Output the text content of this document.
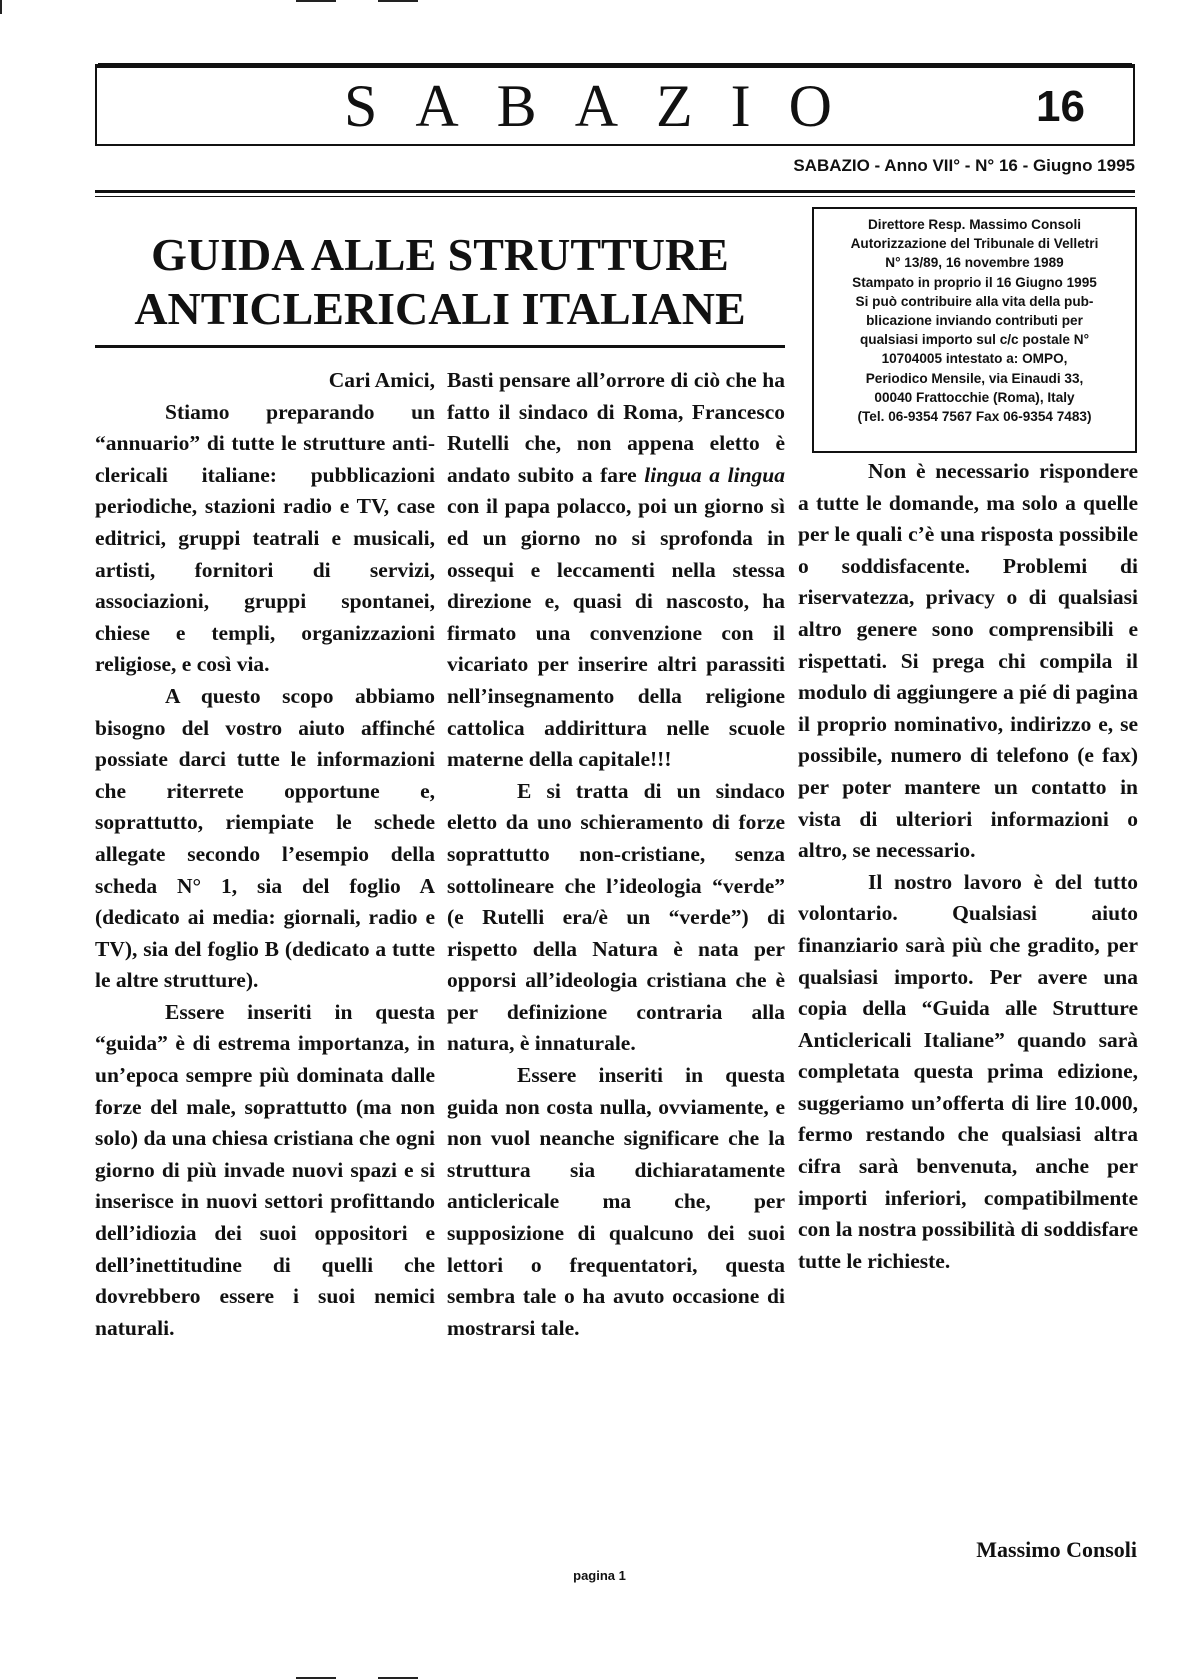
SABAZIO	16
SABAZIO - Anno VII° - N° 16 - Giugno 1995
GUIDA ALLE STRUTTURE
ANTICLERICALI ITALIANE
Direttore Resp. Massimo Consoli
Autorizzazione del Tribunale di Velletri
N° 13/89, 16 novembre 1989
Stampato in proprio il 16 Giugno 1995
Si può contribuire alla vita della pub-
blicazione inviando contributi per
qualsiasi importo sul c/c postale N°
10704005 intestato a: OMPO,
Periodico Mensile, via Einaudi 33,
00040 Frattocchie (Roma), Italy
(Tel. 06-9354 7567 Fax 06-9354 7483)

Cari Amici,

Stiamo preparando un “annuario” di tutte le strutture anti-clericali italiane: pubblicazioni periodiche, stazioni radio e TV, case editrici, gruppi teatrali e musicali, artisti, fornitori di servizi, associazioni, gruppi spontanei, chiese e templi, organizzazioni religiose, e così via.

A questo scopo abbiamo bisogno del vostro aiuto affinché possiate darci tutte le informazioni che riterrete opportune e, soprattutto, riempiate le schede allegate secondo l’esempio della scheda N° 1, sia del foglio A (dedicato ai media: giornali, radio e TV), sia del foglio B (dedicato a tutte le altre strutture).

Essere inseriti in questa “guida” è di estrema importanza, in un’epoca sempre più dominata dalle forze del male, soprattutto (ma non solo) da una chiesa cristiana che ogni giorno di più invade nuovi spazi e si inserisce in nuovi settori profittando dell’idiozia dei suoi oppositori e dell’inettitudine di quelli che dovrebbero essere i suoi nemici naturali.

Basti pensare all’orrore di ciò che ha fatto il sindaco di Roma, Francesco Rutelli che, non appena eletto è andato subito a fare lingua a lingua con il papa polacco, poi un giorno sì ed un giorno no si sprofonda in ossequi e leccamenti nella stessa direzione e, quasi di nascosto, ha firmato una convenzione con il vicariato per inserire altri parassiti nell’insegnamento della religione cattolica addirittura nelle scuole materne della capitale!!!

E si tratta di un sindaco eletto da uno schieramento di forze soprattutto non-cristiane, senza sottolineare che l’ideologia “verde” (e Rutelli era/è un “verde”) di rispetto della Natura è nata per opporsi all’ideologia cristiana che è per definizione contraria alla natura, è innaturale.

Essere inseriti in questa guida non costa nulla, ovviamente, e non vuol neanche significare che la struttura sia dichiaratamente anticlericale ma che, per supposizione di qualcuno dei suoi lettori o frequentatori, questa sembra tale o ha avuto occasione di mostrarsi tale.

Non è necessario rispondere a tutte le domande, ma solo a quelle per le quali c’è una risposta possibile o soddisfacente. Problemi di riservatezza, privacy o di qualsiasi altro genere sono comprensibili e rispettati. Si prega chi compila il modulo di aggiungere a pié di pagina il proprio nominativo, indirizzo e, se possibile, numero di telefono (e fax) per poter mantere un contatto in vista di ulteriori informazioni o altro, se necessario.

Il nostro lavoro è del tutto volontario. Qualsiasi aiuto finanziario sarà più che gradito, per qualsiasi importo. Per avere una copia della “Guida alle Strutture Anticlericali Italiane” quando sarà completata questa prima edizione, suggeriamo un’offerta di lire 10.000, fermo restando che qualsiasi altra cifra sarà benvenuta, anche per importi inferiori, compatibilmente con la nostra possibilità di soddisfare tutte le richieste.

Massimo Consoli
pagina 1
